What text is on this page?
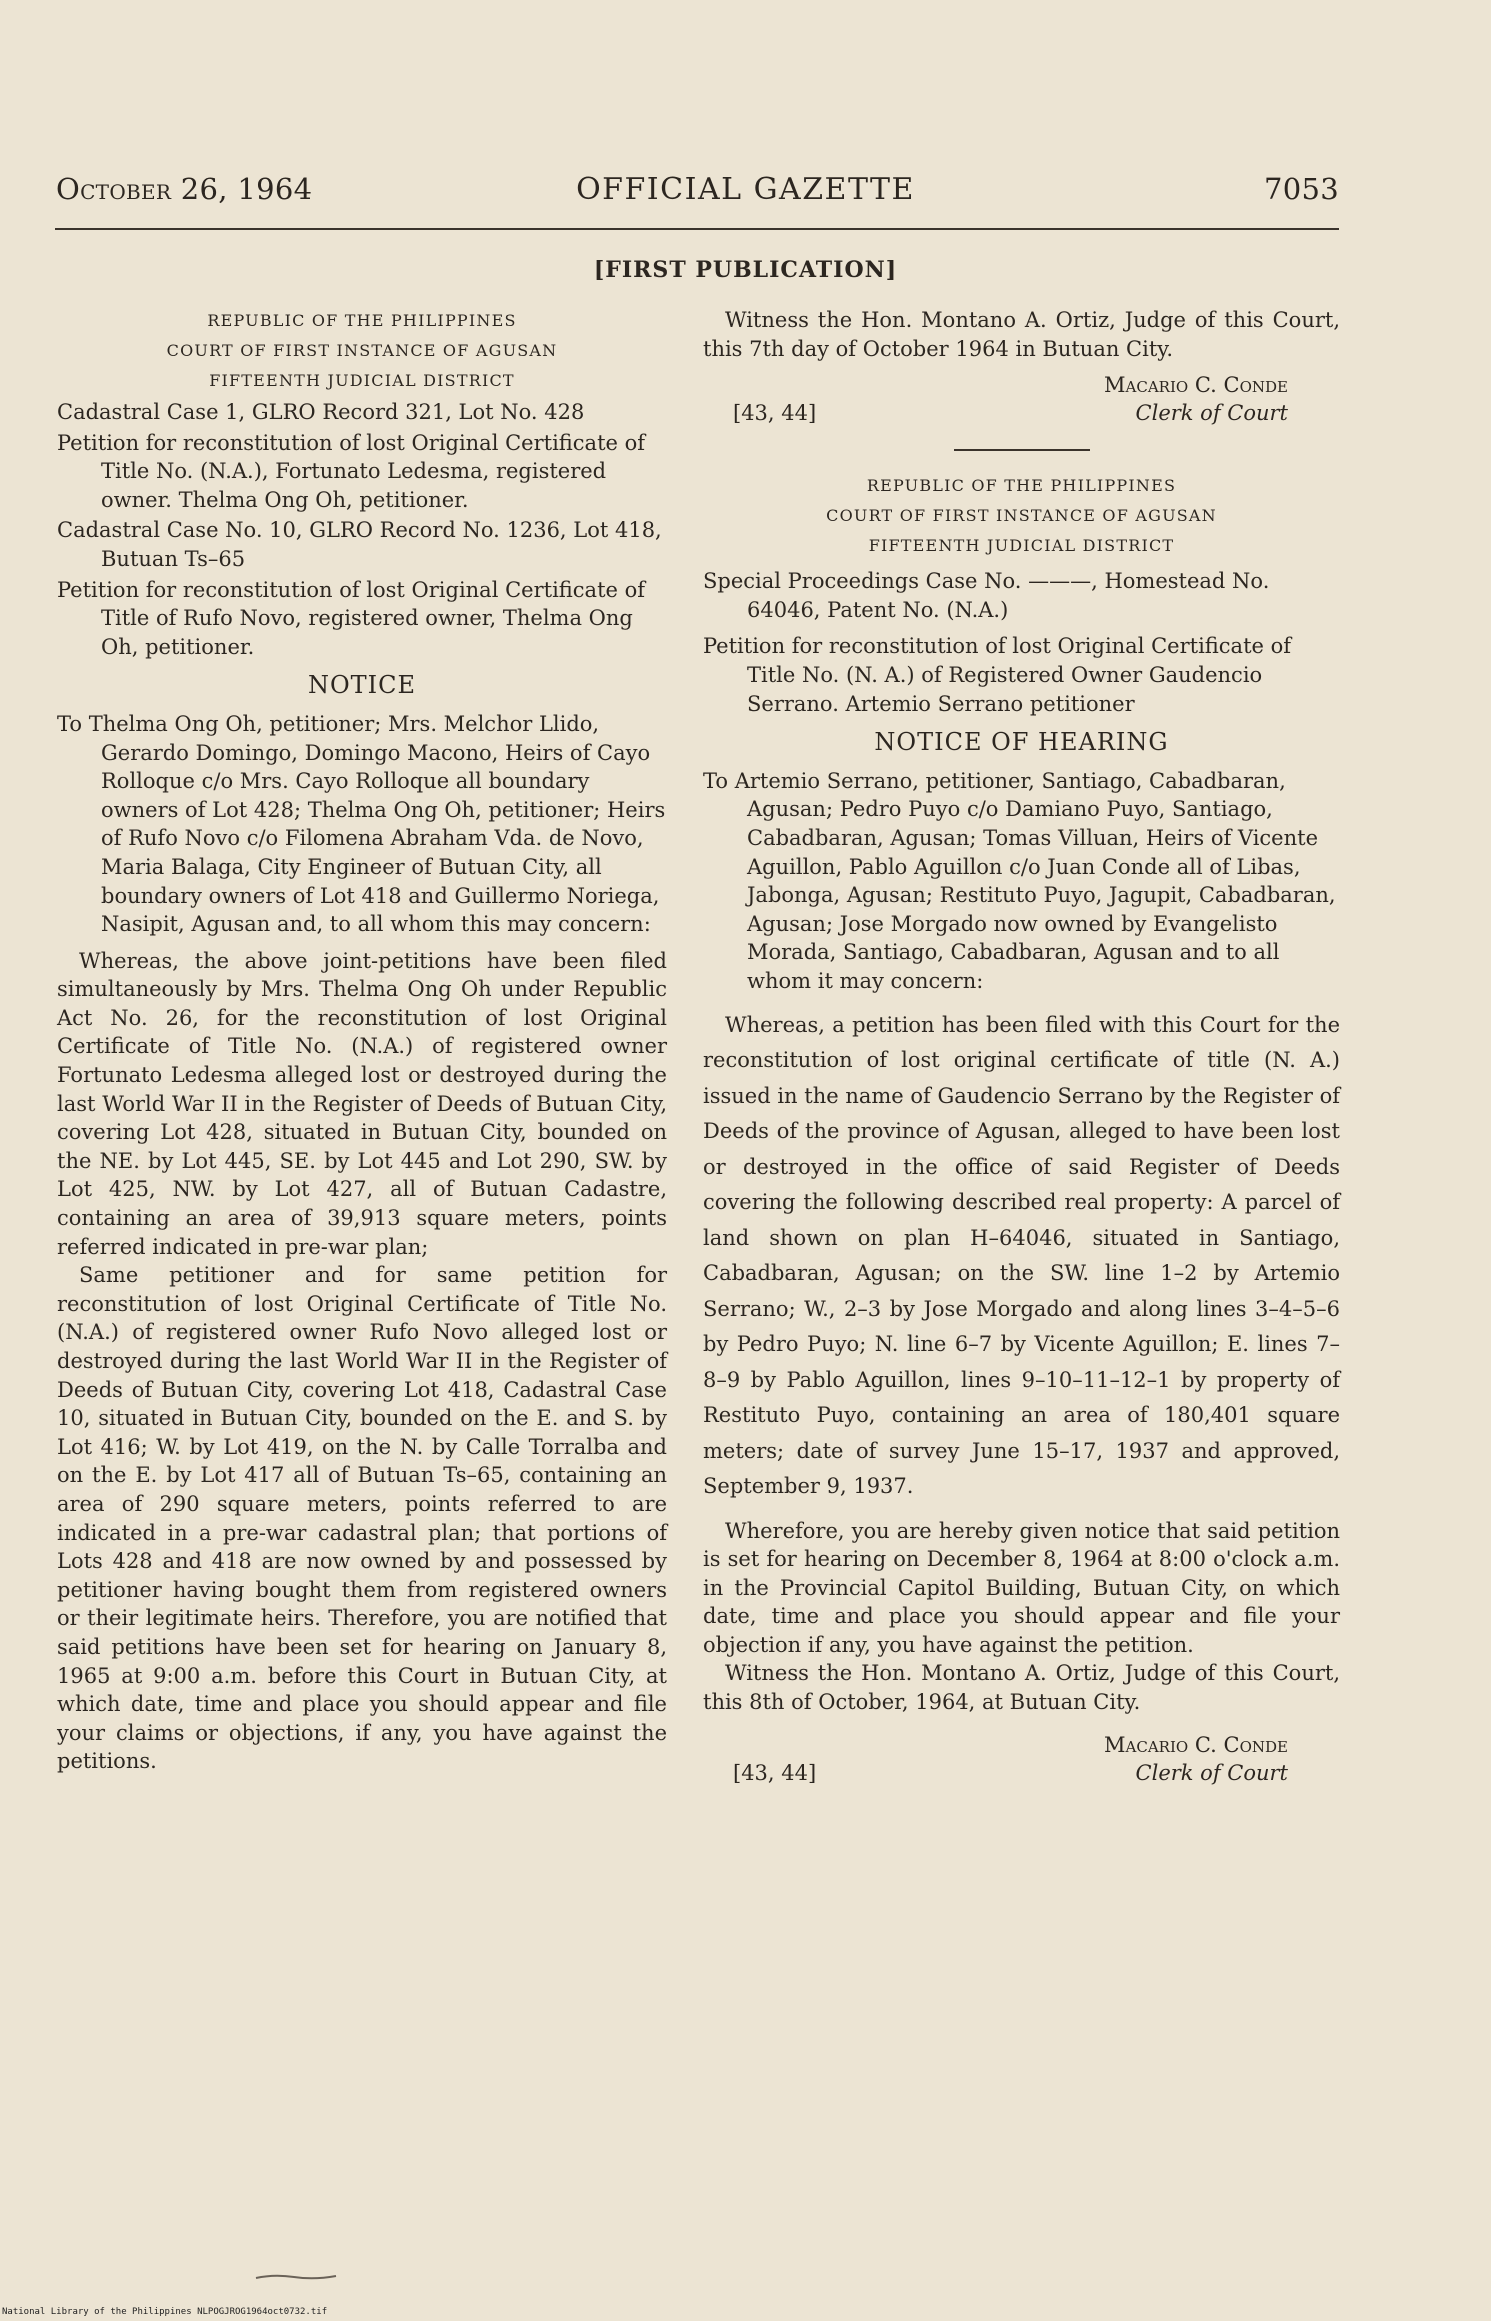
October 26, 1964	OFFICIAL GAZETTE	7053
[FIRST PUBLICATION]
REPUBLIC OF THE PHILIPPINES
COURT OF FIRST INSTANCE OF AGUSAN
FIFTEENTH JUDICIAL DISTRICT
Cadastral Case 1, GLRO Record 321, Lot No. 428
Petition for reconstitution of lost Original Certificate of Title No. (N.A.), Fortunato Ledesma, registered owner. Thelma Ong Oh, petitioner.
Cadastral Case No. 10, GLRO Record No. 1236, Lot 418, Butuan Ts–65
Petition for reconstitution of lost Original Certificate of Title of Rufo Novo, registered owner, Thelma Ong Oh, petitioner.
NOTICE
To Thelma Ong Oh, petitioner; Mrs. Melchor Llido, Gerardo Domingo, Domingo Macono, Heirs of Cayo Rolloque c/o Mrs. Cayo Rolloque all boundary owners of Lot 428; Thelma Ong Oh, petitioner; Heirs of Rufo Novo c/o Filomena Abraham Vda. de Novo, Maria Balaga, City Engineer of Butuan City, all boundary owners of Lot 418 and Guillermo Noriega, Nasipit, Agusan and, to all whom this may concern:
Whereas, the above joint-petitions have been filed simultaneously by Mrs. Thelma Ong Oh under Republic Act No. 26, for the reconstitution of lost Original Certificate of Title No. (N.A.) of registered owner Fortunato Ledesma alleged lost or destroyed during the last World War II in the Register of Deeds of Butuan City, covering Lot 428, situated in Butuan City, bounded on the NE. by Lot 445, SE. by Lot 445 and Lot 290, SW. by Lot 425, NW. by Lot 427, all of Butuan Cadastre, containing an area of 39,913 square meters, points referred indicated in pre-war plan;
Same petitioner and for same petition for reconstitution of lost Original Certificate of Title No. (N.A.) of registered owner Rufo Novo alleged lost or destroyed during the last World War II in the Register of Deeds of Butuan City, covering Lot 418, Cadastral Case 10, situated in Butuan City, bounded on the E. and S. by Lot 416; W. by Lot 419, on the N. by Calle Torralba and on the E. by Lot 417 all of Butuan Ts–65, containing an area of 290 square meters, points referred to are indicated in a pre-war cadastral plan; that portions of Lots 428 and 418 are now owned by and possessed by petitioner having bought them from registered owners or their legitimate heirs. Therefore, you are notified that said petitions have been set for hearing on January 8, 1965 at 9:00 a.m. before this Court in Butuan City, at which date, time and place you should appear and file your claims or objections, if any, you have against the petitions.
Witness the Hon. Montano A. Ortiz, Judge of this Court, this 7th day of October 1964 in Butuan City.
Macario C. Conde
[43, 44]	Clerk of Court
REPUBLIC OF THE PHILIPPINES
COURT OF FIRST INSTANCE OF AGUSAN
FIFTEENTH JUDICIAL DISTRICT
Special Proceedings Case No. ———, Homestead No. 64046, Patent No. (N.A.)
Petition for reconstitution of lost Original Certificate of Title No. (N. A.) of Registered Owner Gaudencio Serrano. Artemio Serrano petitioner
NOTICE OF HEARING
To Artemio Serrano, petitioner, Santiago, Cabadbaran, Agusan; Pedro Puyo c/o Damiano Puyo, Santiago, Cabadbaran, Agusan; Tomas Villuan, Heirs of Vicente Aguillon, Pablo Aguillon c/o Juan Conde all of Libas, Jabonga, Agusan; Restituto Puyo, Jagupit, Cabadbaran, Agusan; Jose Morgado now owned by Evangelisto Morada, Santiago, Cabadbaran, Agusan and to all whom it may concern:
Whereas, a petition has been filed with this Court for the reconstitution of lost original certificate of title (N. A.) issued in the name of Gaudencio Serrano by the Register of Deeds of the province of Agusan, alleged to have been lost or destroyed in the office of said Register of Deeds covering the following described real property: A parcel of land shown on plan H–64046, situated in Santiago, Cabadbaran, Agusan; on the SW. line 1–2 by Artemio Serrano; W., 2–3 by Jose Morgado and along lines 3–4–5–6 by Pedro Puyo; N. line 6–7 by Vicente Aguillon; E. lines 7–8–9 by Pablo Aguillon, lines 9–10–11–12–1 by property of Restituto Puyo, containing an area of 180,401 square meters; date of survey June 15–17, 1937 and approved, September 9, 1937.
Wherefore, you are hereby given notice that said petition is set for hearing on December 8, 1964 at 8:00 o'clock a.m. in the Provincial Capitol Building, Butuan City, on which date, time and place you should appear and file your objection if any, you have against the petition.
Witness the Hon. Montano A. Ortiz, Judge of this Court, this 8th of October, 1964, at Butuan City.
Macario C. Conde
[43, 44]	Clerk of Court
National Library of the Philippines NLPOGJROG1964oct0732.tif
